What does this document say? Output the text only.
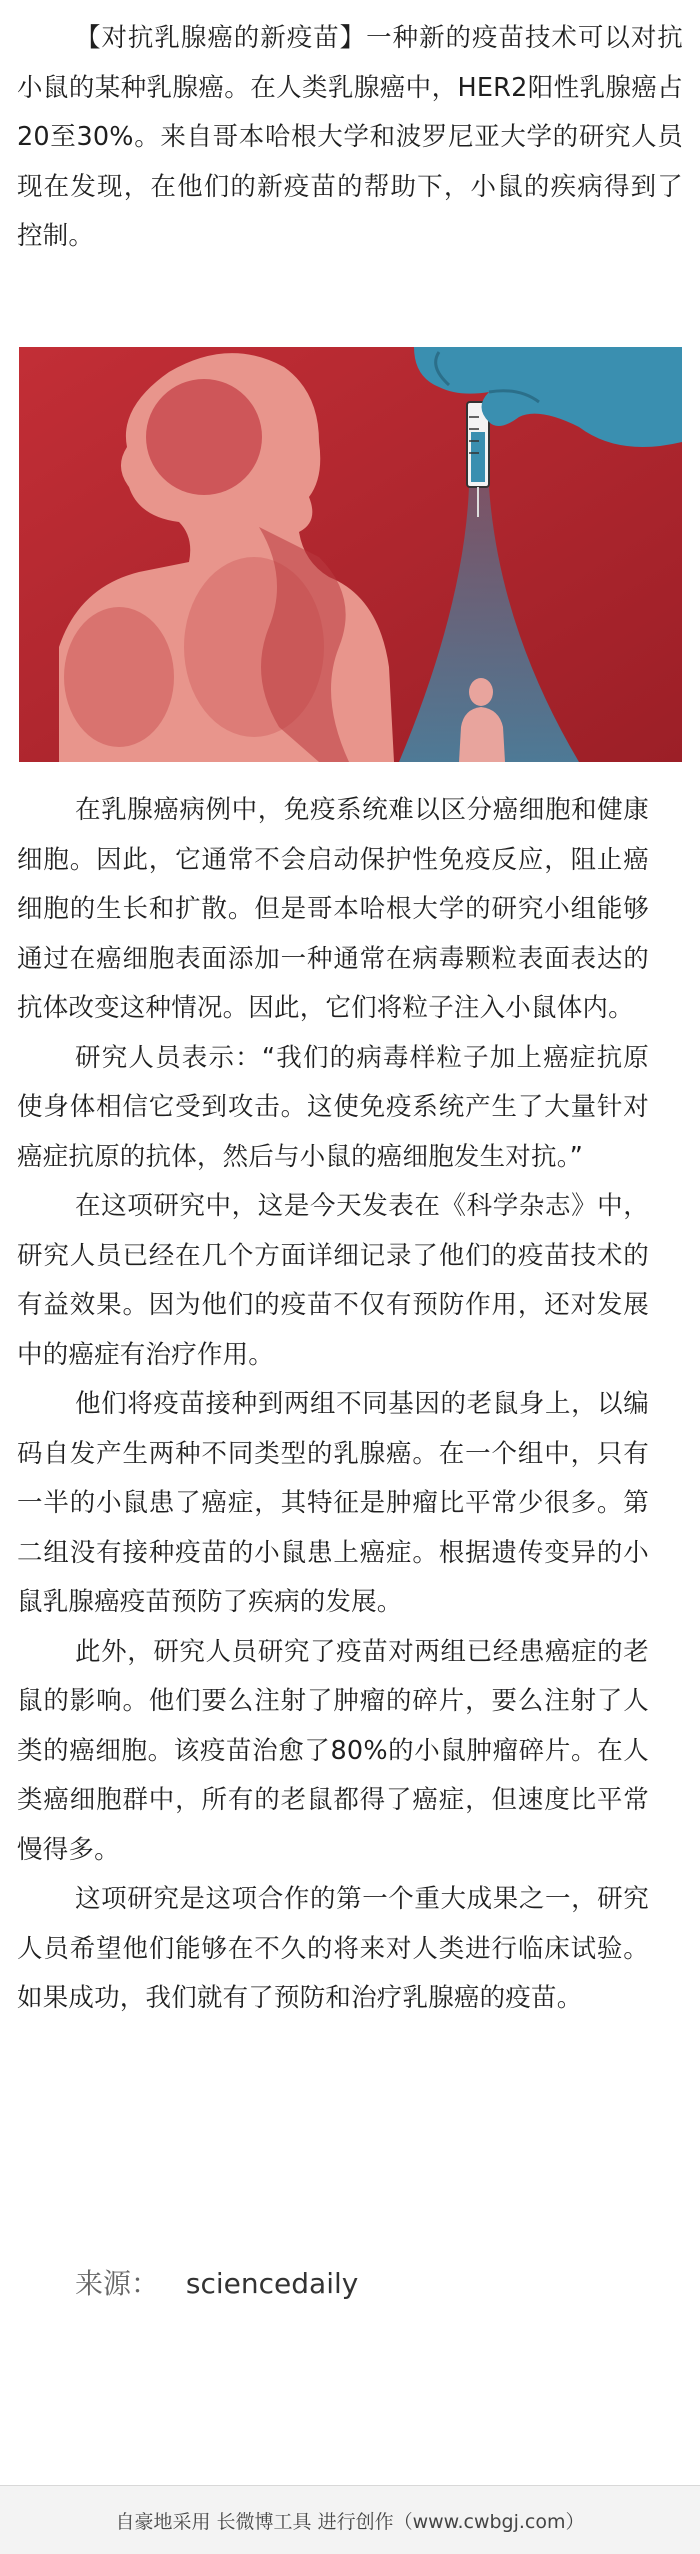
【对抗乳腺癌的新疫苗】一种新的疫苗技术可以对抗小鼠的某种乳腺癌。在人类乳腺癌中，HER2阳性乳腺癌占20至30%。来自哥本哈根大学和波罗尼亚大学的研究人员现在发现，在他们的新疫苗的帮助下，小鼠的疾病得到了控制。

在乳腺癌病例中，免疫系统难以区分癌细胞和健康细胞。因此，它通常不会启动保护性免疫反应，阻止癌细胞的生长和扩散。但是哥本哈根大学的研究小组能够通过在癌细胞表面添加一种通常在病毒颗粒表面表达的抗体改变这种情况。因此，它们将粒子注入小鼠体内。

研究人员表示：“我们的病毒样粒子加上癌症抗原使身体相信它受到攻击。这使免疫系统产生了大量针对癌症抗原的抗体，然后与小鼠的癌细胞发生对抗。”

在这项研究中，这是今天发表在《科学杂志》中，研究人员已经在几个方面详细记录了他们的疫苗技术的有益效果。因为他们的疫苗不仅有预防作用，还对发展中的癌症有治疗作用。

他们将疫苗接种到两组不同基因的老鼠身上，以编码自发产生两种不同类型的乳腺癌。在一个组中，只有一半的小鼠患了癌症，其特征是肿瘤比平常少很多。第二组没有接种疫苗的小鼠患上癌症。根据遗传变异的小鼠乳腺癌疫苗预防了疾病的发展。

此外，研究人员研究了疫苗对两组已经患癌症的老鼠的影响。他们要么注射了肿瘤的碎片，要么注射了人类的癌细胞。该疫苗治愈了80%的小鼠肿瘤碎片。在人类癌细胞群中，所有的老鼠都得了癌症，但速度比平常慢得多。

这项研究是这项合作的第一个重大成果之一，研究人员希望他们能够在不久的将来对人类进行临床试验。如果成功，我们就有了预防和治疗乳腺癌的疫苗。

来源： sciencedaily
自豪地采用 长微博工具 进行创作（www.cwbgj.com）
